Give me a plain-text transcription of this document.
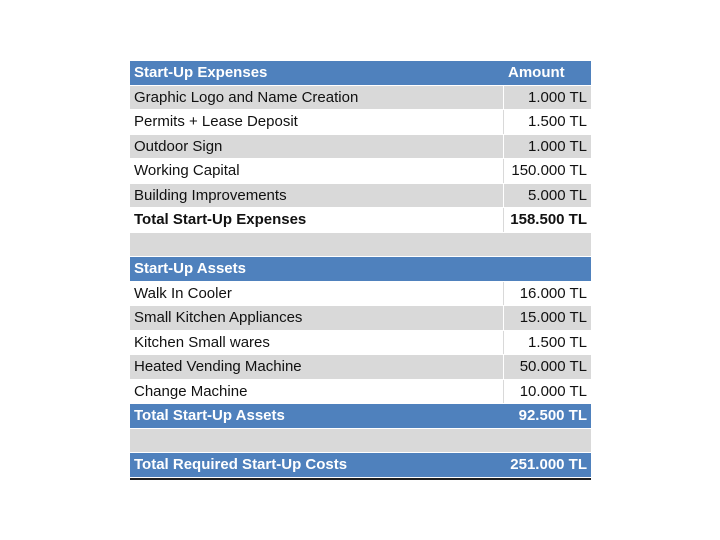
Start-Up Expenses	Amount
Graphic Logo and Name Creation	1.000 TL
Permits + Lease Deposit	1.500 TL
Outdoor Sign	1.000 TL
Working Capital	150.000 TL
Building Improvements	5.000 TL
Total Start-Up Expenses	158.500 TL
Start-Up Assets
Walk In Cooler	16.000 TL
Small Kitchen Appliances	15.000 TL
Kitchen Small wares	1.500 TL
Heated Vending Machine	50.000 TL
Change Machine	10.000 TL
Total Start-Up Assets	92.500 TL
Total Required Start-Up Costs	251.000 TL
